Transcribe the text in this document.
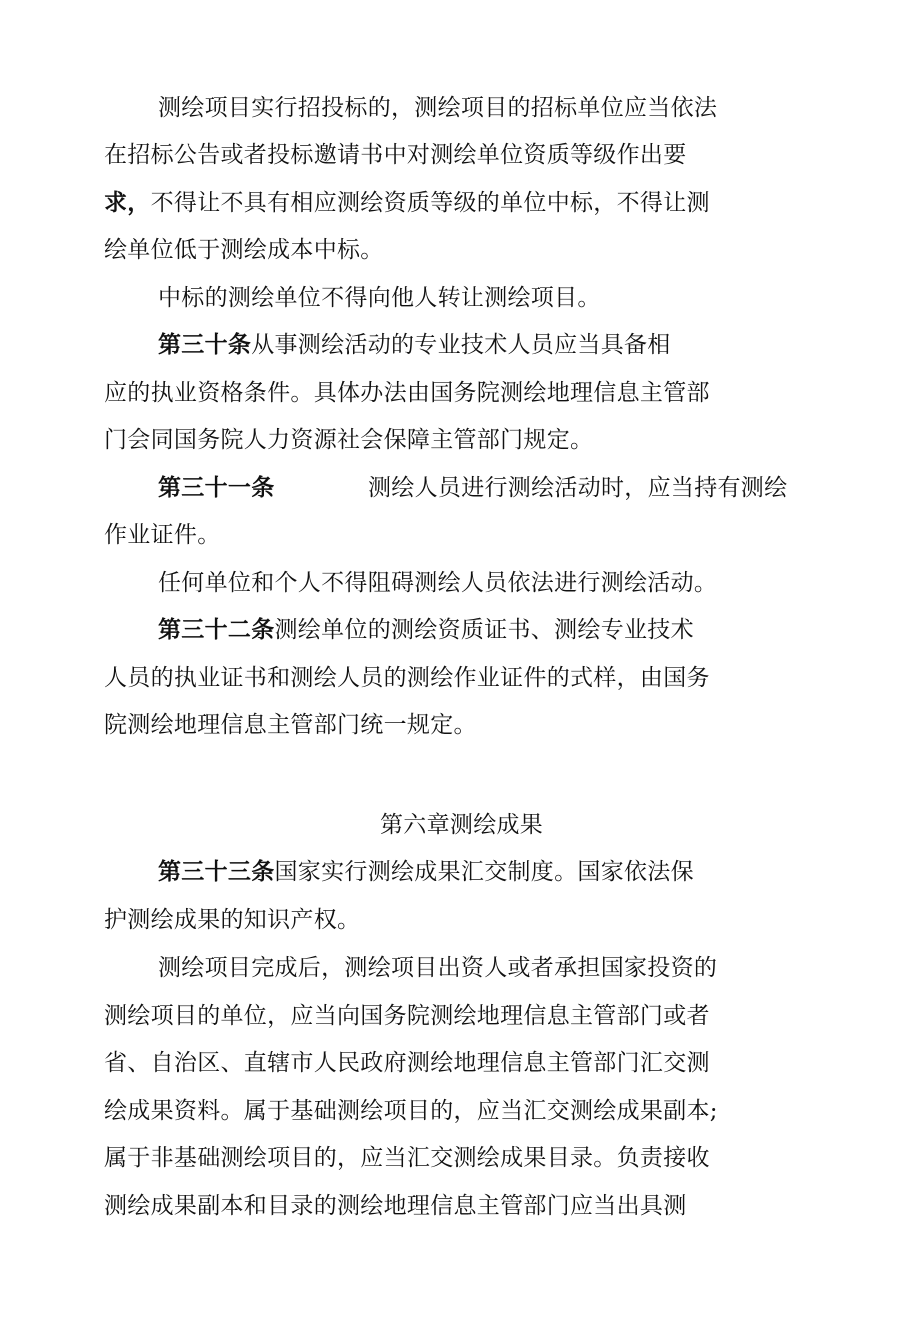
测绘项目实行招投标的，测绘项目的招标单位应当依法
在招标公告或者投标邀请书中对测绘单位资质等级作出要
求，不得让不具有相应测绘资质等级的单位中标，不得让测
绘单位低于测绘成本中标。
中标的测绘单位不得向他人转让测绘项目。
第三十条从事测绘活动的专业技术人员应当具备相
应的执业资格条件。具体办法由国务院测绘地理信息主管部
门会同国务院人力资源社会保障主管部门规定。
第三十一条	测绘人员进行测绘活动时，应当持有测绘
作业证件。
任何单位和个人不得阻碍测绘人员依法进行测绘活动。
第三十二条测绘单位的测绘资质证书、测绘专业技术
人员的执业证书和测绘人员的测绘作业证件的式样，由国务
院测绘地理信息主管部门统一规定。
第六章测绘成果
第三十三条国家实行测绘成果汇交制度。国家依法保
护测绘成果的知识产权。
测绘项目完成后，测绘项目出资人或者承担国家投资的
测绘项目的单位，应当向国务院测绘地理信息主管部门或者
省、自治区、直辖市人民政府测绘地理信息主管部门汇交测
绘成果资料。属于基础测绘项目的，应当汇交测绘成果副本;
属于非基础测绘项目的，应当汇交测绘成果目录。负责接收
测绘成果副本和目录的测绘地理信息主管部门应当出具测
